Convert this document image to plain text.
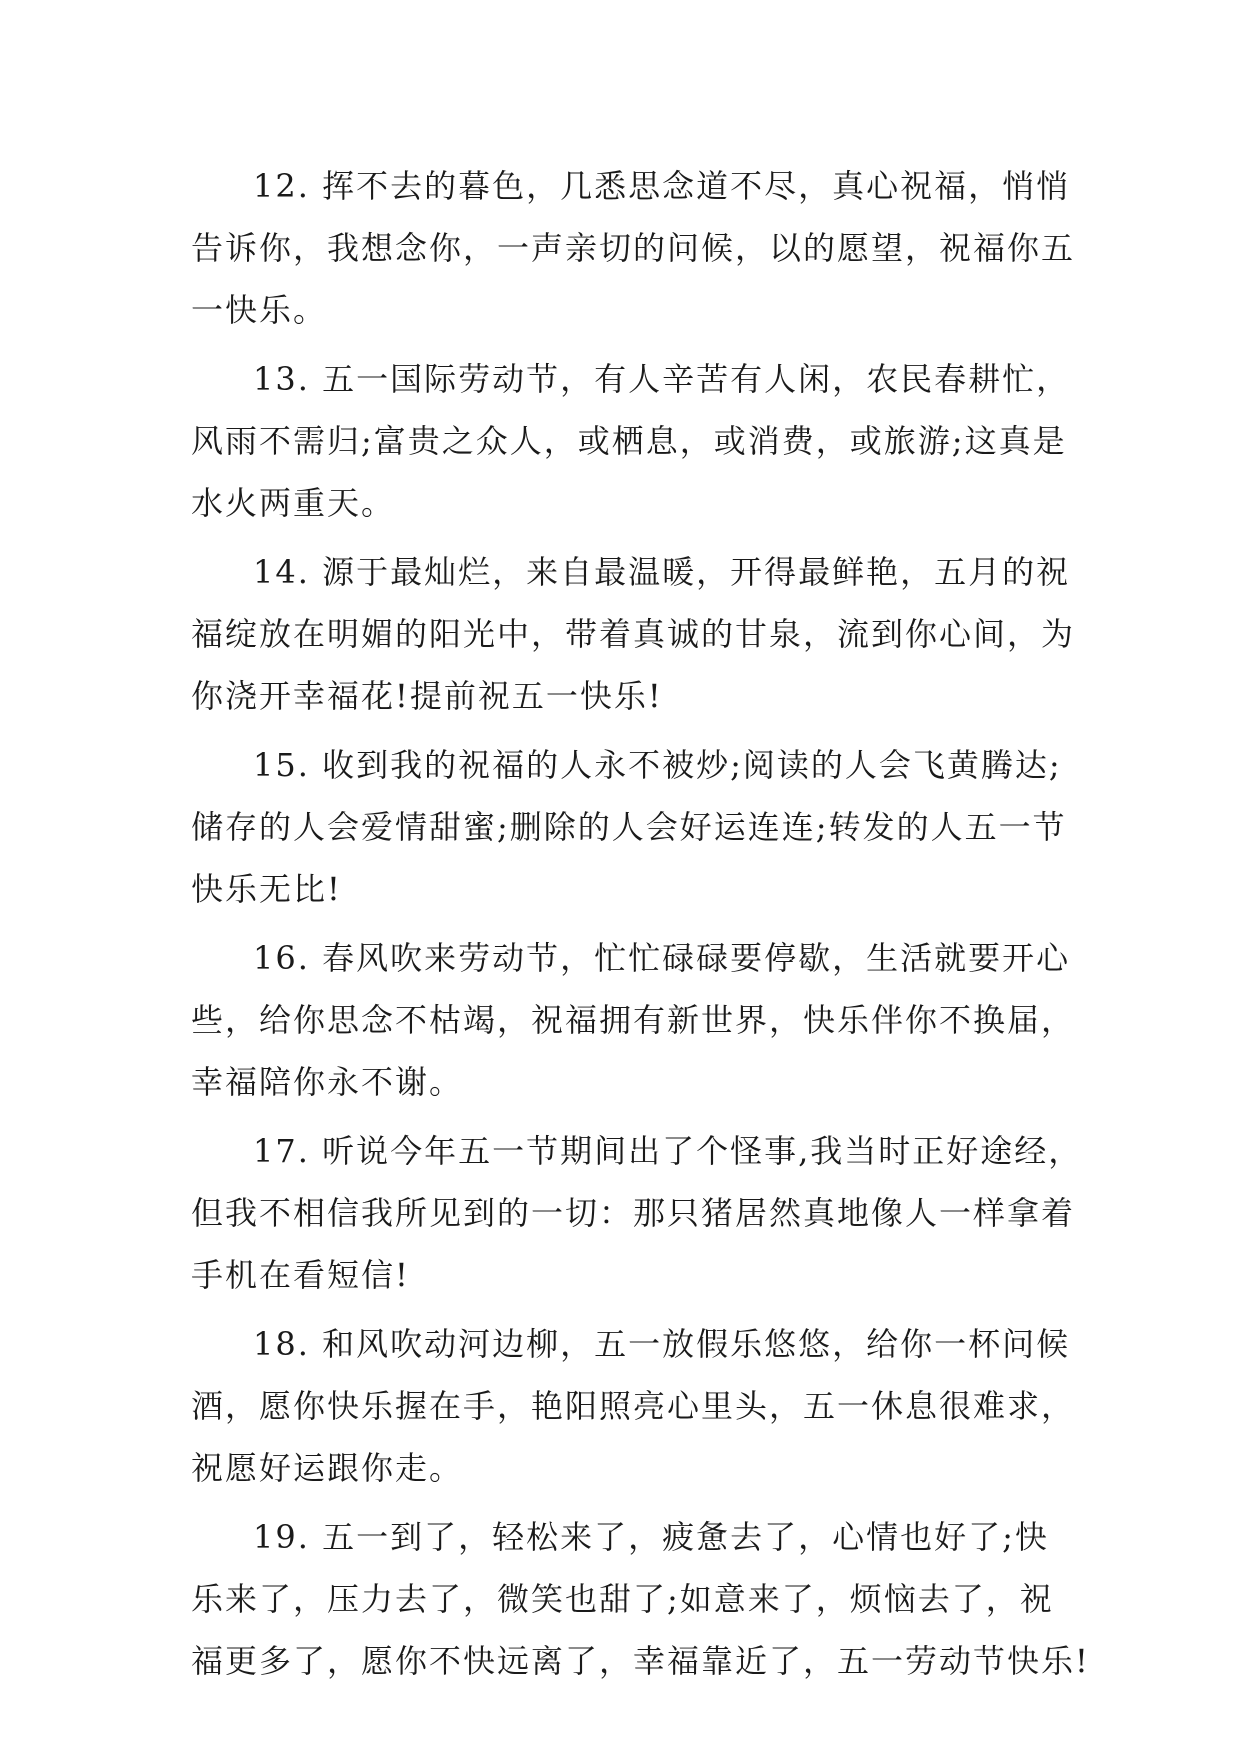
12. 挥不去的暮色，几悉思念道不尽，真心祝福，悄悄
告诉你，我想念你，一声亲切的问候，以的愿望，祝福你五
一快乐。
13. 五一国际劳动节，有人辛苦有人闲，农民春耕忙，
风雨不需归;富贵之众人，或栖息，或消费，或旅游;这真是
水火两重天。
14. 源于最灿烂，来自最温暖，开得最鲜艳，五月的祝
福绽放在明媚的阳光中，带着真诚的甘泉，流到你心间，为
你浇开幸福花!提前祝五一快乐!
15. 收到我的祝福的人永不被炒;阅读的人会飞黄腾达;
储存的人会爱情甜蜜;删除的人会好运连连;转发的人五一节
快乐无比!
16. 春风吹来劳动节，忙忙碌碌要停歇，生活就要开心
些，给你思念不枯竭，祝福拥有新世界，快乐伴你不换届，
幸福陪你永不谢。
17. 听说今年五一节期间出了个怪事,我当时正好途经，
但我不相信我所见到的一切：那只猪居然真地像人一样拿着
手机在看短信!
18. 和风吹动河边柳，五一放假乐悠悠，给你一杯问候
酒，愿你快乐握在手，艳阳照亮心里头，五一休息很难求，
祝愿好运跟你走。
19. 五一到了，轻松来了，疲惫去了，心情也好了;快
乐来了，压力去了，微笑也甜了;如意来了，烦恼去了，祝
福更多了，愿你不快远离了，幸福靠近了，五一劳动节快乐!
